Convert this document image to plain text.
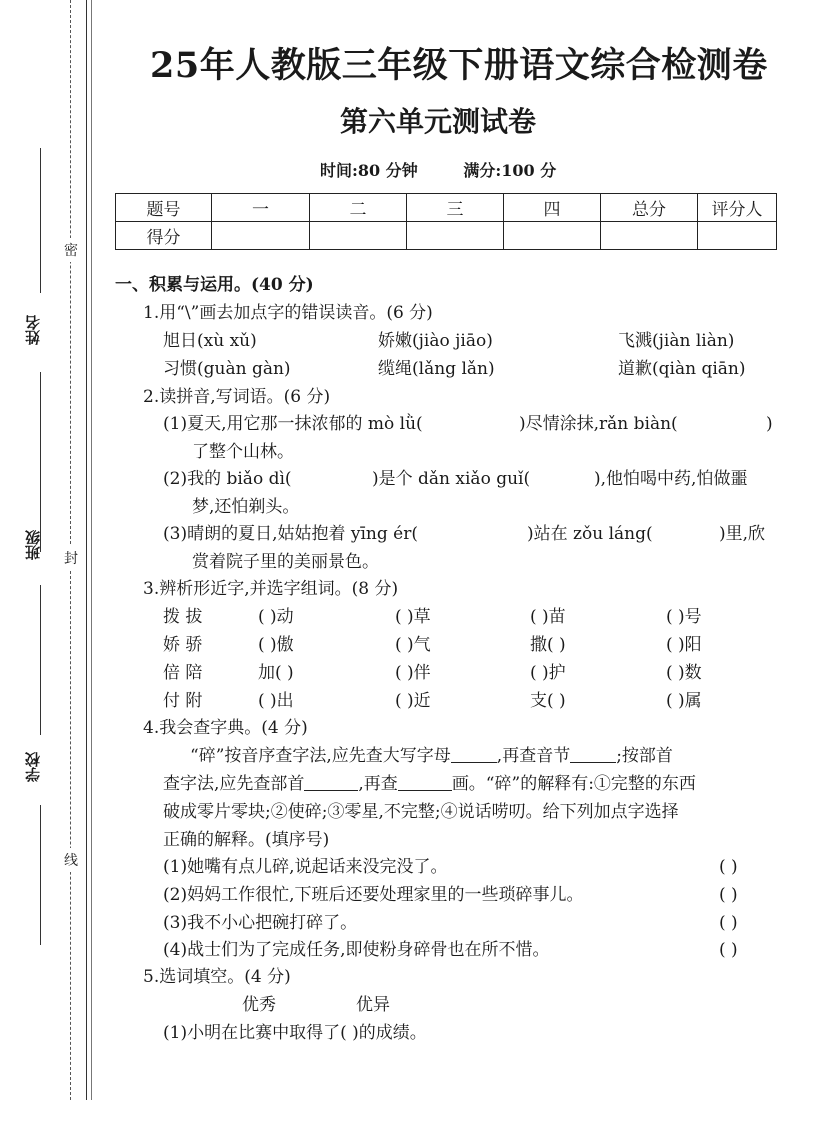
姓名
班级
学校
密
封
线
25年人教版三年级下册语文综合检测卷
第六单元测试卷
时间:80 分钟	满分:100 分
题号	一	二	三	四	总分	评分人
得分						
一、积累与运用。(40 分)
1.用“\”画去加点字的错误读音。(6 分)
旭日(xù xǔ)	娇嫩(jiào jiāo)	飞溅(jiàn liàn)
习惯(guàn gàn)	缆绳(lǎng lǎn)	道歉(qiàn qiān)
2.读拼音,写词语。(6 分)
(1)夏天,用它那一抹浓郁的 mò lǜ(	)尽情涂抹,rǎn biàn(	)
了整个山林。
(2)我的 biǎo dì(	)是个 dǎn xiǎo guǐ(	),他怕喝中药,怕做噩
梦,还怕剃头。
(3)晴朗的夏日,姑姑抱着 yīng ér(	)站在 zǒu láng(	)里,欣
赏着院子里的美丽景色。
3.辨析形近字,并选字组词。(8 分)
拨 拔	( )动	( )草	( )苗	( )号
娇 骄	( )傲	( )气	撒( )	( )阳
倍 陪	加( )	( )伴	( )护	( )数
付 附	( )出	( )近	支( )	( )属
4.我会查字典。(4 分)
“碎”按音序查字法,应先查大写字母	,再查音节	;按部首
查字法,应先查部首	,再查	画。“碎”的解释有:①完整的东西
破成零片零块;②使碎;③零星,不完整;④说话唠叨。给下列加点字选择
正确的解释。(填序号)
(1)她嘴有点儿碎,说起话来没完没了。	( )
(2)妈妈工作很忙,下班后还要处理家里的一些琐碎事儿。	( )
(3)我不小心把碗打碎了。	( )
(4)战士们为了完成任务,即使粉身碎骨也在所不惜。	( )
5.选词填空。(4 分)
优秀	优异
(1)小明在比赛中取得了( )的成绩。
